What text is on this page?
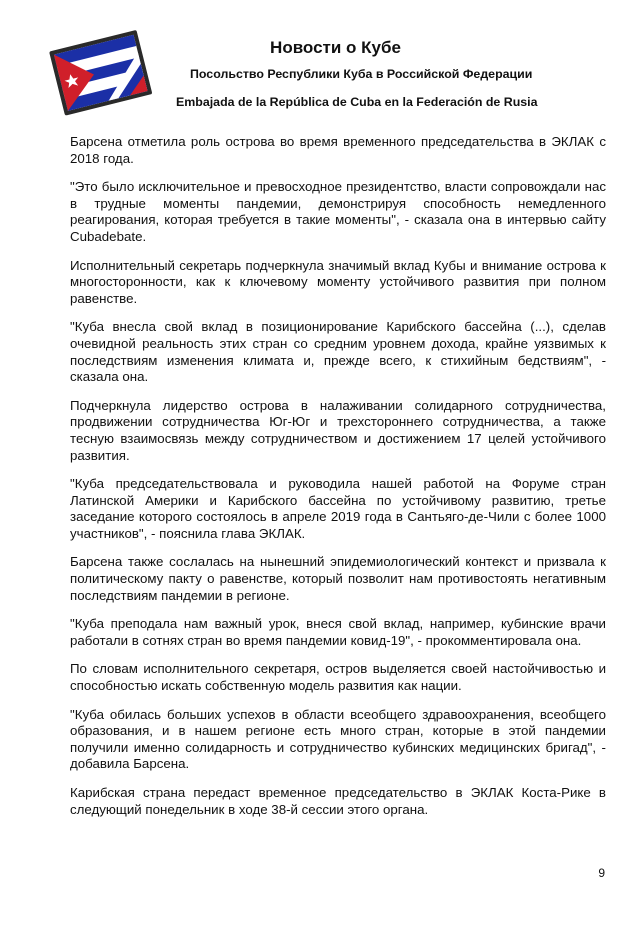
Новости о Кубе
Посольство Республики Куба в Российской Федерации
Embajada de la República de Cuba en la Federación de Rusia

Барсена отметила роль острова во время временного председательства в ЭКЛАК с 2018 года.

"Это было исключительное и превосходное президентство, власти сопровождали нас в трудные моменты пандемии, демонстрируя способность немедленного реагирования, которая требуется в такие моменты", - сказала она в интервью сайту Cubadebate.

Исполнительный секретарь подчеркнула значимый вклад Кубы и внимание острова к многосторонности, как к ключевому моменту устойчивого развития при полном равенстве.

"Куба внесла свой вклад в позиционирование Карибского бассейна (...), сделав очевидной реальность этих стран со средним уровнем дохода, крайне уязвимых к последствиям изменения климата и, прежде всего, к стихийным бедствиям", - сказала она.

Подчеркнула лидерство острова в налаживании солидарного сотрудничества, продвижении сотрудничества Юг-Юг и трехстороннего сотрудничества, а также тесную взаимосвязь между сотрудничеством и достижением 17 целей устойчивого развития.

"Куба председательствовала и руководила нашей работой на Форуме стран Латинской Америки и Карибского бассейна по устойчивому развитию, третье заседание которого состоялось в апреле 2019 года в Сантьяго-де-Чили с более 1000 участников", - пояснила глава ЭКЛАК.

Барсена также сослалась на нынешний эпидемиологический контекст и призвала к политическому пакту о равенстве, который позволит нам противостоять негативным последствиям пандемии в регионе.

"Куба преподала нам важный урок, внеся свой вклад, например, кубинские врачи работали в сотнях стран во время пандемии ковид-19", - прокомментировала она.

По словам исполнительного секретаря, остров выделяется своей настойчивостью и способностью искать собственную модель развития как нации.

"Куба обилась больших успехов в области всеобщего здравоохранения, всеобщего образования, и в нашем регионе есть много стран, которые в этой пандемии получили именно солидарность и сотрудничество кубинских медицинских бригад", - добавила Барсена.

Карибская страна передаст временное председательство в ЭКЛАК Коста-Рике в следующий понедельник в ходе 38-й сессии этого органа.

9
